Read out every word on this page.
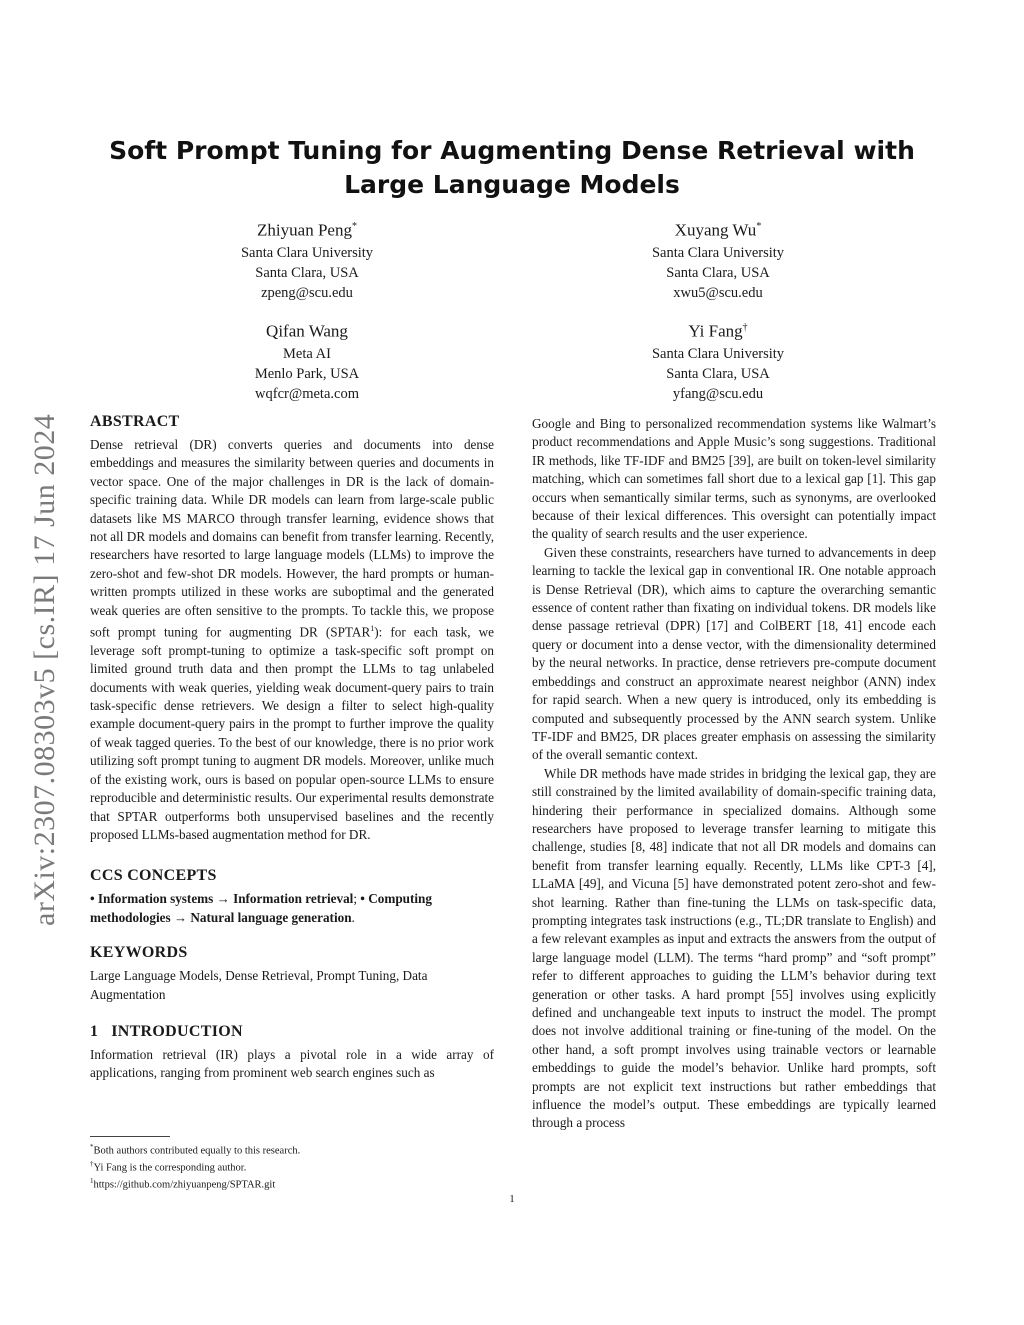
arXiv:2307.08303v5 [cs.IR] 17 Jun 2024
Soft Prompt Tuning for Augmenting Dense Retrieval with Large Language Models
Zhiyuan Peng*
Santa Clara University
Santa Clara, USA
zpeng@scu.edu
Xuyang Wu*
Santa Clara University
Santa Clara, USA
xwu5@scu.edu
Qifan Wang
Meta AI
Menlo Park, USA
wqfcr@meta.com
Yi Fang†
Santa Clara University
Santa Clara, USA
yfang@scu.edu
ABSTRACT

Dense retrieval (DR) converts queries and documents into dense embeddings and measures the similarity between queries and documents in vector space. One of the major challenges in DR is the lack of domain-specific training data. While DR models can learn from large-scale public datasets like MS MARCO through transfer learning, evidence shows that not all DR models and domains can benefit from transfer learning. Recently, researchers have resorted to large language models (LLMs) to improve the zero-shot and few-shot DR models. However, the hard prompts or human-written prompts utilized in these works are suboptimal and the generated weak queries are often sensitive to the prompts. To tackle this, we propose soft prompt tuning for augmenting DR (SPTAR$^1$): for each task, we leverage soft prompt-tuning to optimize a task-specific soft prompt on limited ground truth data and then prompt the LLMs to tag unlabeled documents with weak queries, yielding weak document-query pairs to train task-specific dense retrievers. We design a filter to select high-quality example document-query pairs in the prompt to further improve the quality of weak tagged queries. To the best of our knowledge, there is no prior work utilizing soft prompt tuning to augment DR models. Moreover, unlike much of the existing work, ours is based on popular open-source LLMs to ensure reproducible and deterministic results. Our experimental results demonstrate that SPTAR outperforms both unsupervised baselines and the recently proposed LLMs-based augmentation method for DR.

CCS CONCEPTS

• Information systems → Information retrieval; • Computing methodologies → Natural language generation.

KEYWORDS

Large Language Models, Dense Retrieval, Prompt Tuning, Data Augmentation

1   INTRODUCTION

Information retrieval (IR) plays a pivotal role in a wide array of applications, ranging from prominent web search engines such as

*Both authors contributed equally to this research.
†Yi Fang is the corresponding author.
$^1$https://github.com/zhiyuanpeng/SPTAR.git

Google and Bing to personalized recommendation systems like Walmart’s product recommendations and Apple Music’s song suggestions. Traditional IR methods, like TF-IDF and BM25 [39], are built on token-level similarity matching, which can sometimes fall short due to a lexical gap [1]. This gap occurs when semantically similar terms, such as synonyms, are overlooked because of their lexical differences. This oversight can potentially impact the quality of search results and the user experience.

Given these constraints, researchers have turned to advancements in deep learning to tackle the lexical gap in conventional IR. One notable approach is Dense Retrieval (DR), which aims to capture the overarching semantic essence of content rather than fixating on individual tokens. DR models like dense passage retrieval (DPR) [17] and ColBERT [18, 41] encode each query or document into a dense vector, with the dimensionality determined by the neural networks. In practice, dense retrievers pre-compute document embeddings and construct an approximate nearest neighbor (ANN) index for rapid search. When a new query is introduced, only its embedding is computed and subsequently processed by the ANN search system. Unlike TF-IDF and BM25, DR places greater emphasis on assessing the similarity of the overall semantic context.

While DR methods have made strides in bridging the lexical gap, they are still constrained by the limited availability of domain-specific training data, hindering their performance in specialized domains. Although some researchers have proposed to leverage transfer learning to mitigate this challenge, studies [8, 48] indicate that not all DR models and domains can benefit from transfer learning equally. Recently, LLMs like CPT-3 [4], LLaMA [49], and Vicuna [5] have demonstrated potent zero-shot and few-shot learning. Rather than fine-tuning the LLMs on task-specific data, prompting integrates task instructions (e.g., TL;DR translate to English) and a few relevant examples as input and extracts the answers from the output of large language model (LLM). The terms “hard promp” and “soft prompt” refer to different approaches to guiding the LLM’s behavior during text generation or other tasks. A hard prompt [55] involves using explicitly defined and unchangeable text inputs to instruct the model. The prompt does not involve additional training or fine-tuning of the model. On the other hand, a soft prompt involves using trainable vectors or learnable embeddings to guide the model’s behavior. Unlike hard prompts, soft prompts are not explicit text instructions but rather embeddings that influence the model’s output. These embeddings are typically learned through a process

1
